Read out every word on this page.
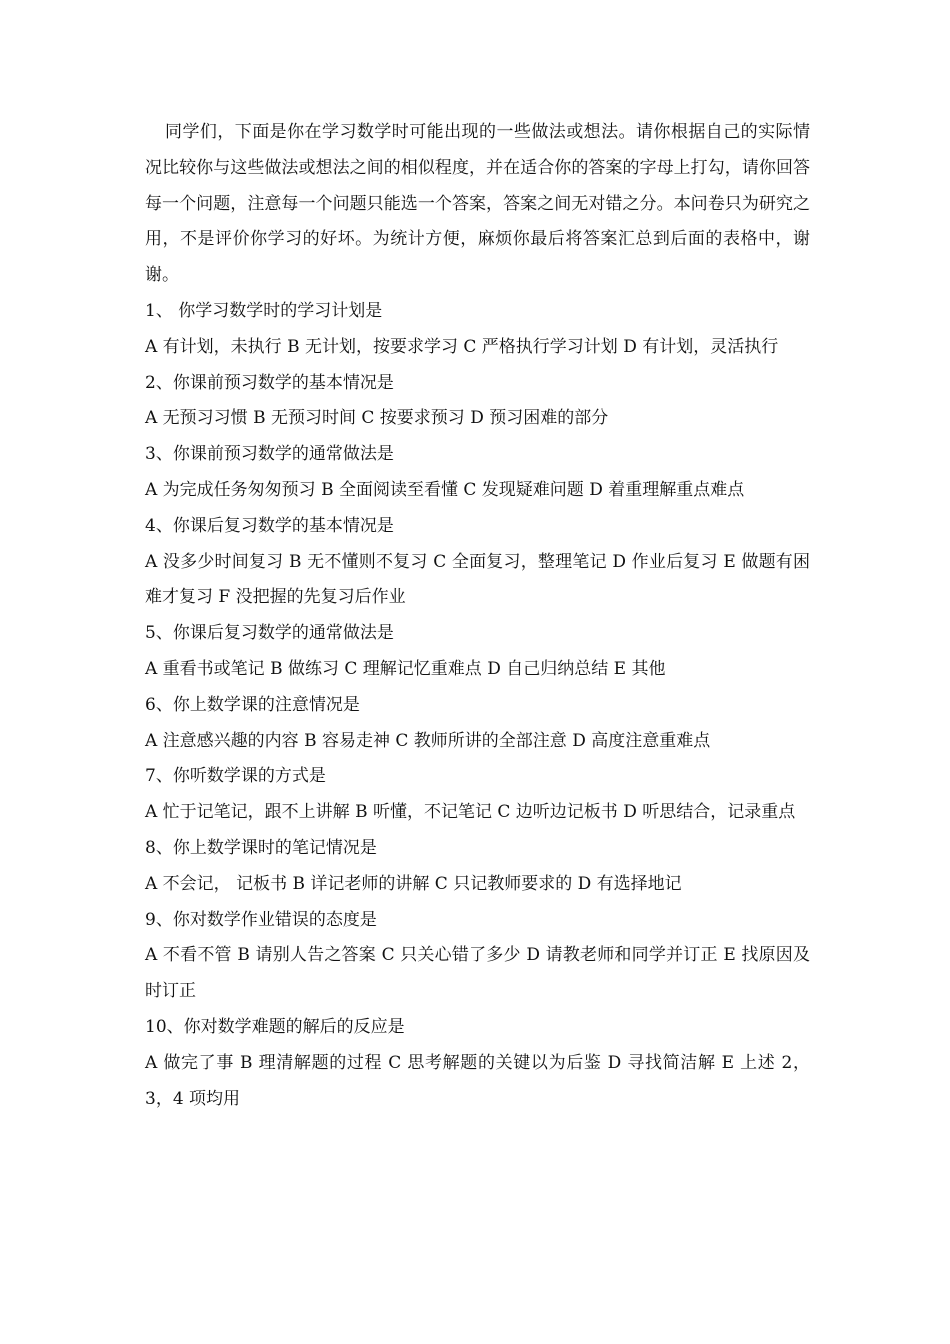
同学们，下面是你在学习数学时可能出现的一些做法或想法。请你根据自己的实际情况比较你与这些做法或想法之间的相似程度，并在适合你的答案的字母上打勾，请你回答每一个问题，注意每一个问题只能选一个答案，答案之间无对错之分。本问卷只为研究之用，不是评价你学习的好坏。为统计方便，麻烦你最后将答案汇总到后面的表格中，谢谢。

1、 你学习数学时的学习计划是

A 有计划，未执行 B 无计划，按要求学习 C 严格执行学习计划 D 有计划，灵活执行

2、你课前预习数学的基本情况是

A 无预习习惯 B 无预习时间 C 按要求预习 D 预习困难的部分

3、你课前预习数学的通常做法是

A 为完成任务匆匆预习 B 全面阅读至看懂 C 发现疑难问题 D 着重理解重点难点

4、你课后复习数学的基本情况是

A 没多少时间复习 B 无不懂则不复习 C 全面复习，整理笔记 D 作业后复习 E 做题有困难才复习 F 没把握的先复习后作业

5、你课后复习数学的通常做法是

A 重看书或笔记 B 做练习 C 理解记忆重难点 D 自己归纳总结 E 其他

6、你上数学课的注意情况是

A 注意感兴趣的内容 B 容易走神 C 教师所讲的全部注意 D 高度注意重难点

7、你听数学课的方式是

A 忙于记笔记，跟不上讲解 B 听懂，不记笔记 C 边听边记板书 D 听思结合，记录重点

8、你上数学课时的笔记情况是

A 不会记， 记板书 B 详记老师的讲解 C 只记教师要求的 D 有选择地记

9、你对数学作业错误的态度是

A 不看不管 B 请别人告之答案 C 只关心错了多少 D 请教老师和同学并订正 E 找原因及时订正

10、你对数学难题的解后的反应是

A 做完了事 B 理清解题的过程 C 思考解题的关键以为后鉴 D 寻找简洁解 E 上述 2，3，4 项均用
